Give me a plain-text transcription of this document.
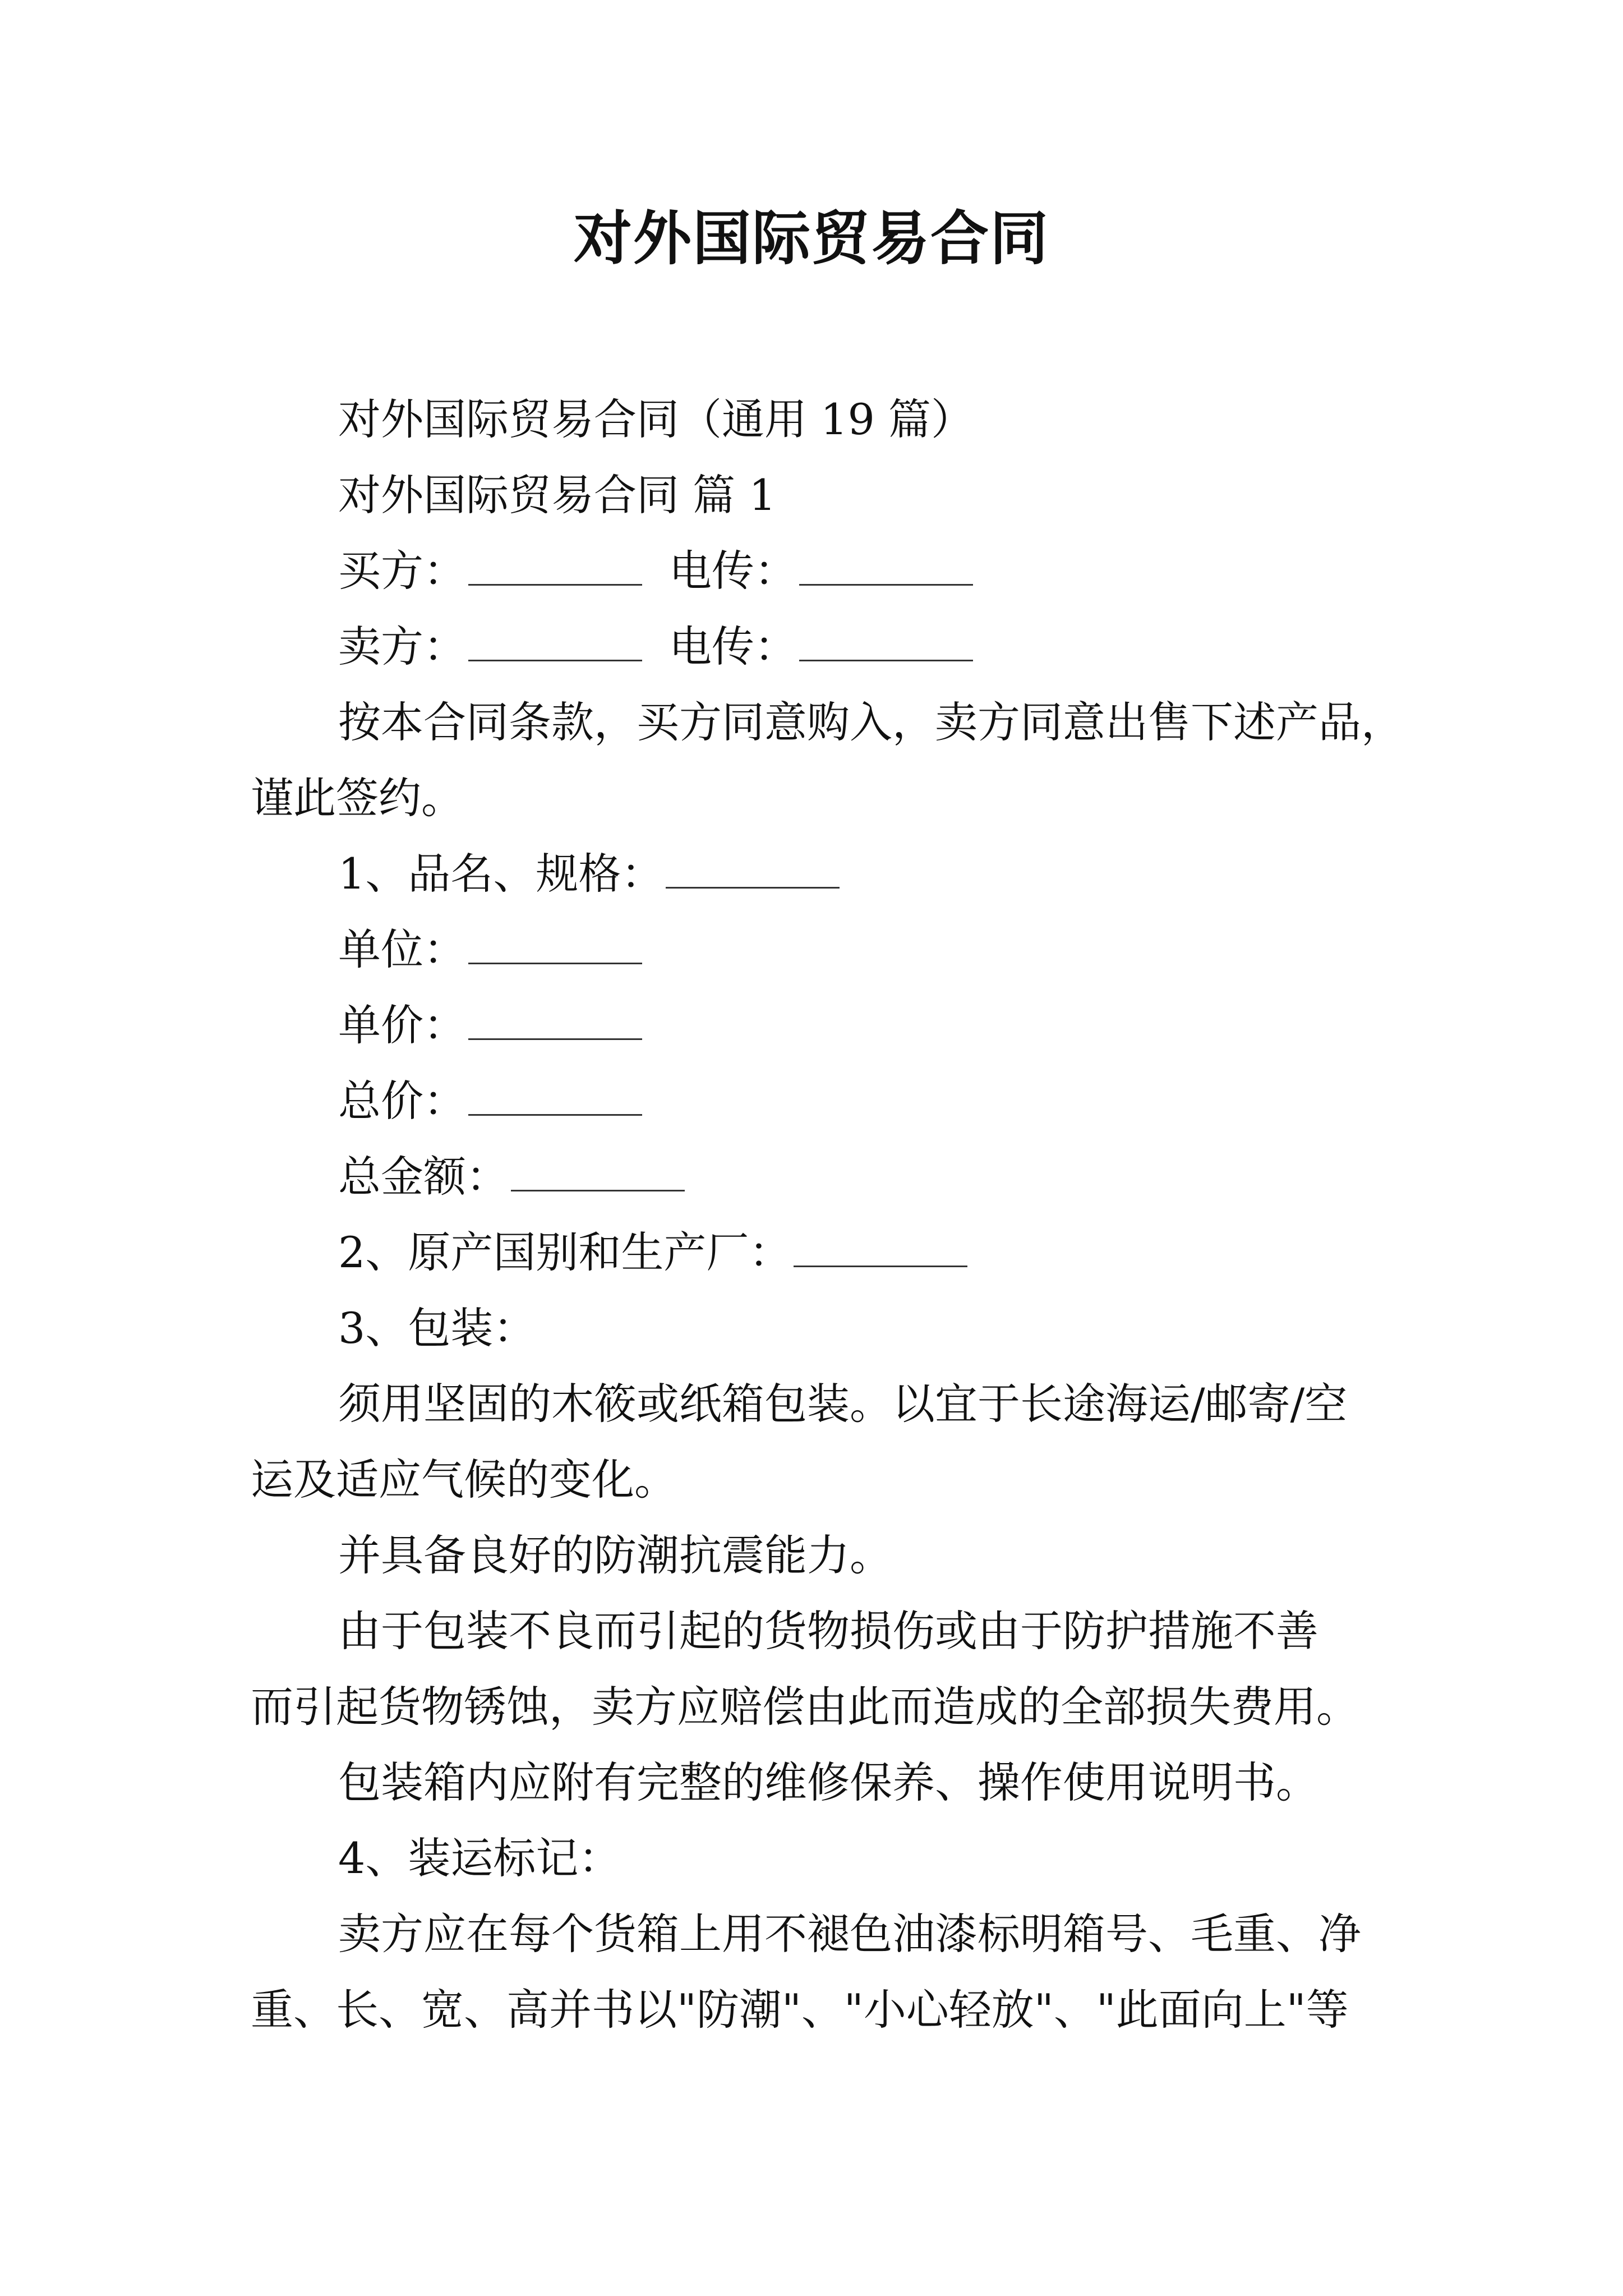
对外国际贸易合同

对外国际贸易合同（通用 19 篇）

对外国际贸易合同 篇 1

买方：	电传：

卖方：	电传：

按本合同条款，买方同意购入，卖方同意出售下述产品，

谨此签约。

1、品名、规格：

单位：

单价：

总价：

总金额：

2、原产国别和生产厂：

3、包装：

须用坚固的木筱或纸箱包装。以宜于长途海运/邮寄/空

运及适应气候的变化。

并具备良好的防潮抗震能力。

由于包装不良而引起的货物损伤或由于防护措施不善

而引起货物锈蚀，卖方应赔偿由此而造成的全部损失费用。

包装箱内应附有完整的维修保养、操作使用说明书。

4、装运标记：

卖方应在每个货箱上用不褪色油漆标明箱号、毛重、净

重、长、宽、高并书以"防潮"、"小心轻放"、"此面向上"等
